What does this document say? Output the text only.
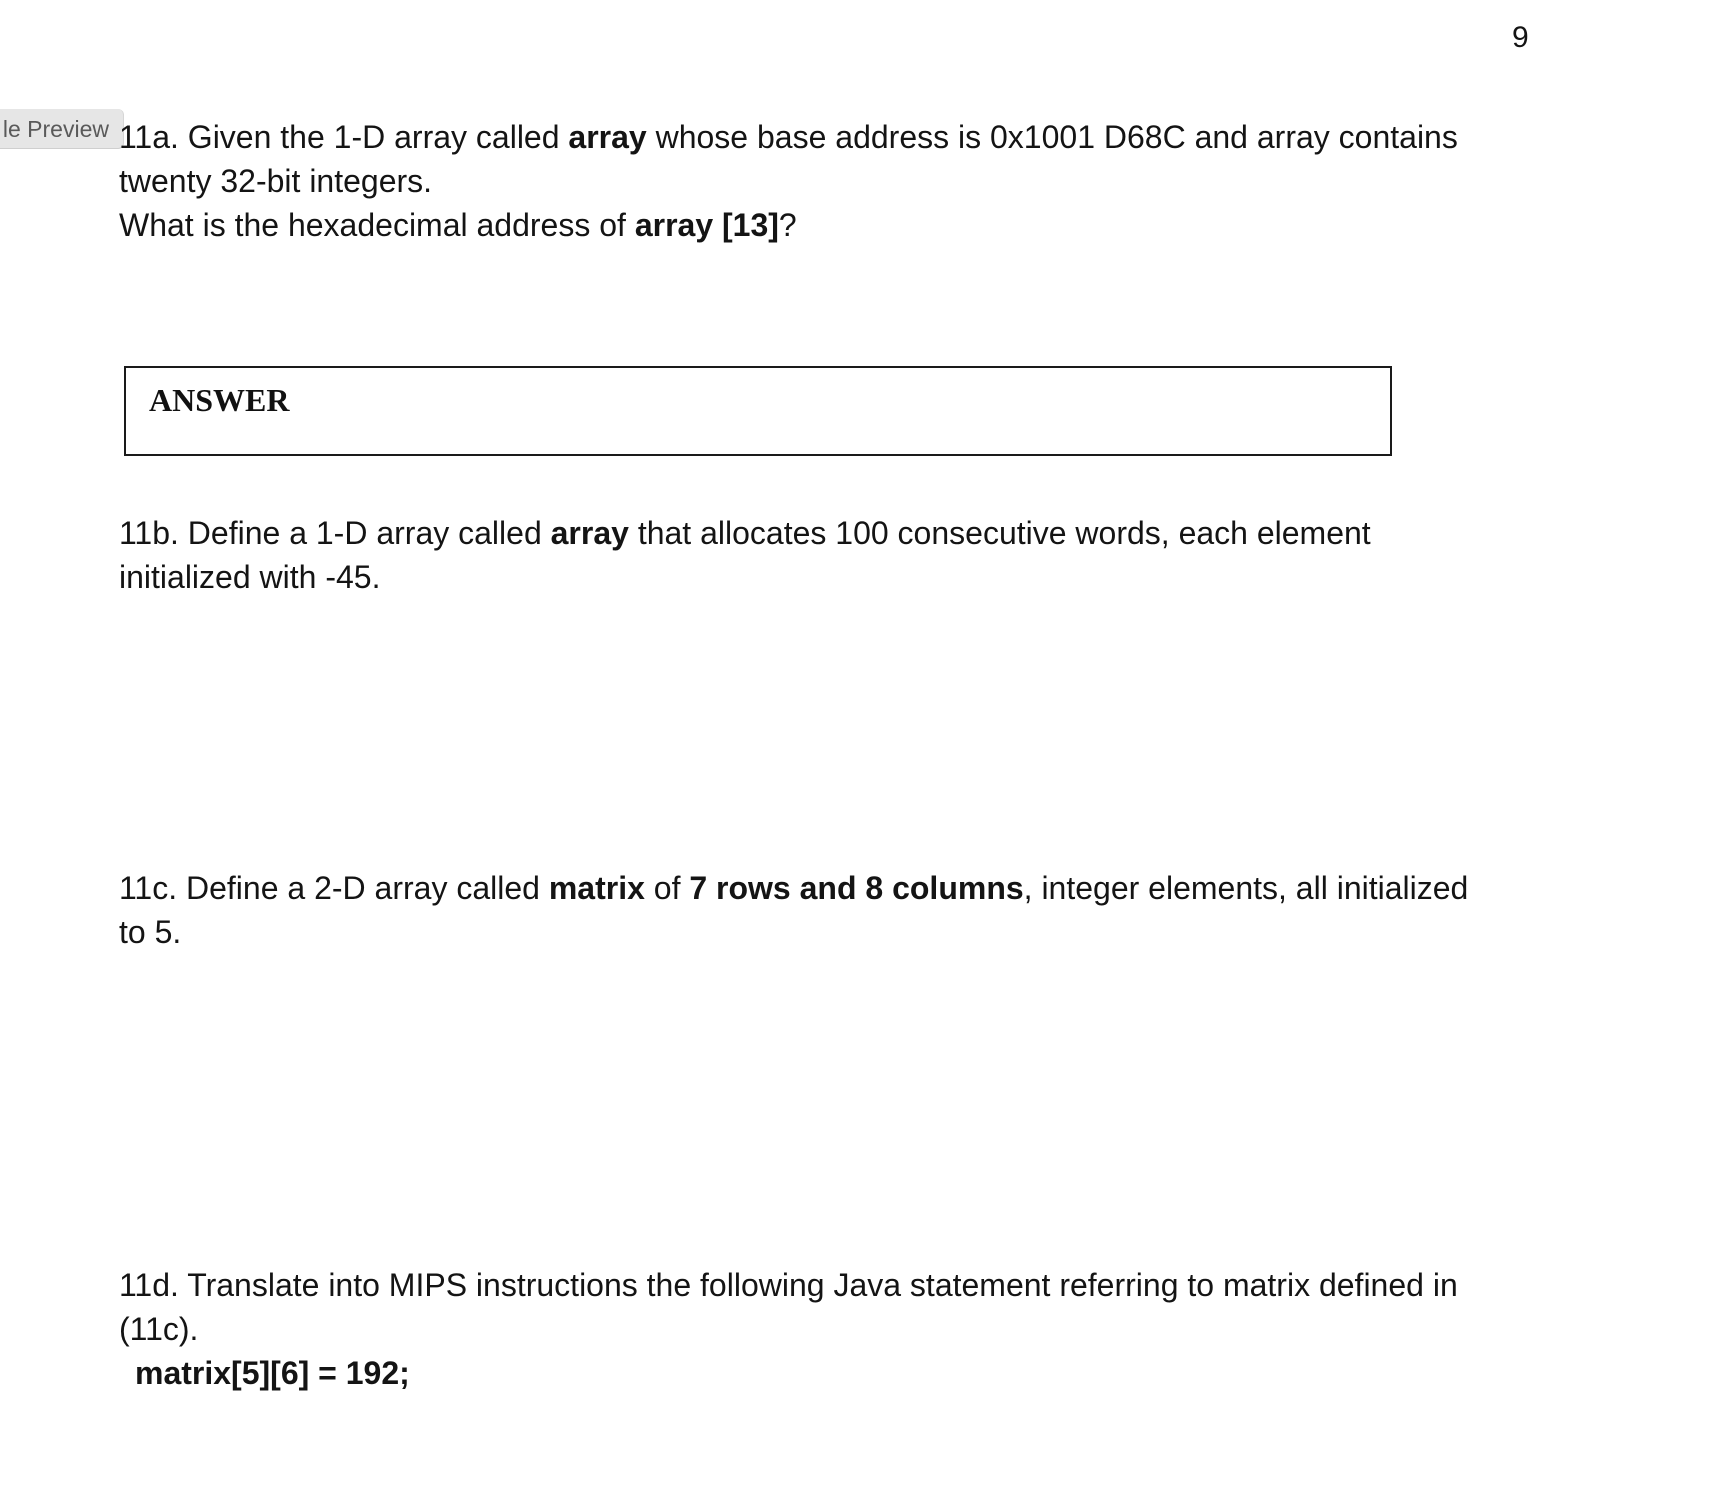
9
le Preview 11a. Given the 1-D array called array whose base address is 0x1001 D68C and array contains
twenty 32-bit integers.
What is the hexadecimal address of array [13]?
ANSWER
11b. Define a 1-D array called array that allocates 100 consecutive words, each element
initialized with -45.
11c. Define a 2-D array called matrix of 7 rows and 8 columns, integer elements, all initialized
to 5.
11d. Translate into MIPS instructions the following Java statement referring to matrix defined in
(11c).
matrix[5][6] = 192;
